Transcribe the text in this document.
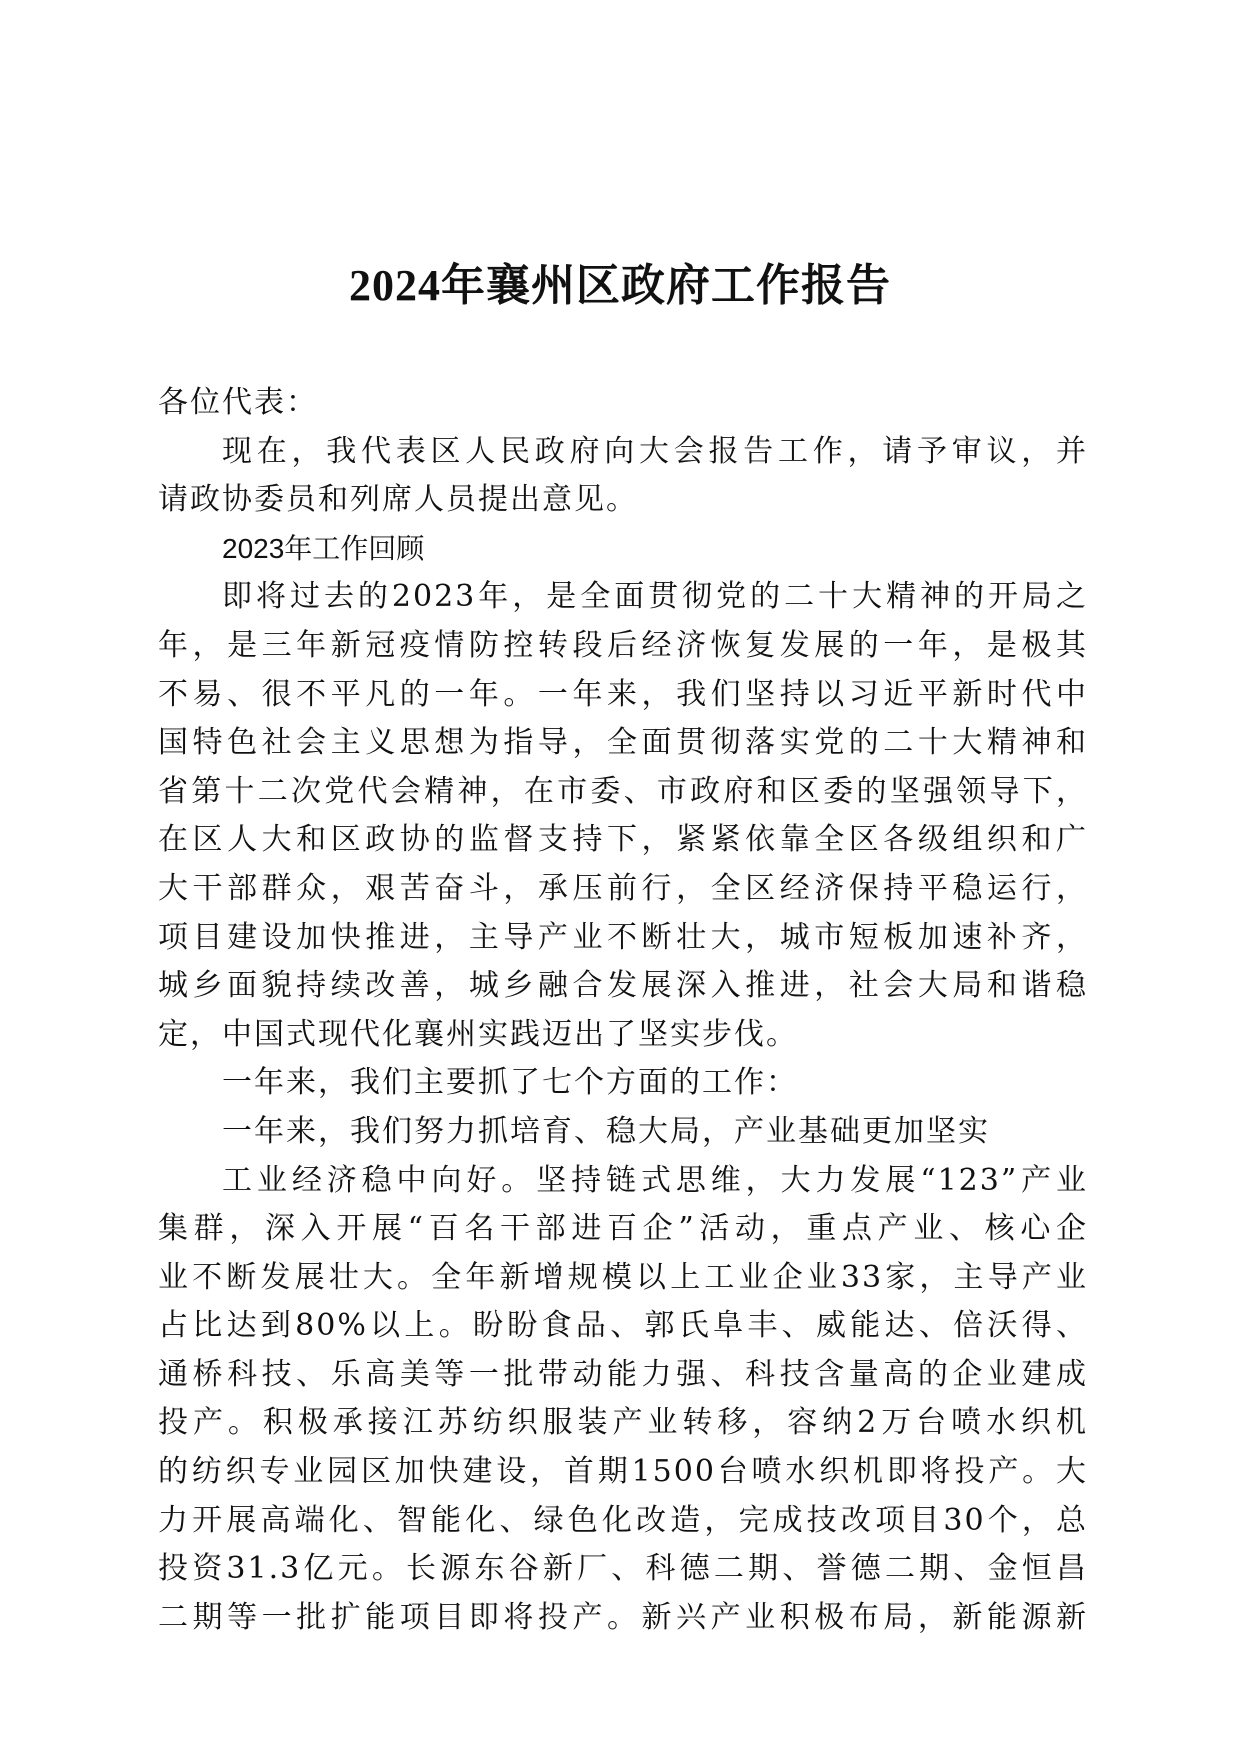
2024年襄州区政府工作报告
各位代表：
现在，我代表区人民政府向大会报告工作，请予审议，并
请政协委员和列席人员提出意见。
2023年工作回顾
即将过去的2023年，是全面贯彻党的二十大精神的开局之
年，是三年新冠疫情防控转段后经济恢复发展的一年，是极其
不易、很不平凡的一年。一年来，我们坚持以习近平新时代中
国特色社会主义思想为指导，全面贯彻落实党的二十大精神和
省第十二次党代会精神，在市委、市政府和区委的坚强领导下，
在区人大和区政协的监督支持下，紧紧依靠全区各级组织和广
大干部群众，艰苦奋斗，承压前行，全区经济保持平稳运行，
项目建设加快推进，主导产业不断壮大，城市短板加速补齐，
城乡面貌持续改善，城乡融合发展深入推进，社会大局和谐稳
定，中国式现代化襄州实践迈出了坚实步伐。
一年来，我们主要抓了七个方面的工作：
一年来，我们努力抓培育、稳大局，产业基础更加坚实
工业经济稳中向好。坚持链式思维，大力发展“123”产业
集群，深入开展“百名干部进百企”活动，重点产业、核心企
业不断发展壮大。全年新增规模以上工业企业33家，主导产业
占比达到80%以上。盼盼食品、郭氏阜丰、威能达、倍沃得、
通桥科技、乐高美等一批带动能力强、科技含量高的企业建成
投产。积极承接江苏纺织服装产业转移，容纳2万台喷水织机
的纺织专业园区加快建设，首期1500台喷水织机即将投产。大
力开展高端化、智能化、绿色化改造，完成技改项目30个，总
投资31.3亿元。长源东谷新厂、科德二期、誉德二期、金恒昌
二期等一批扩能项目即将投产。新兴产业积极布局，新能源新
